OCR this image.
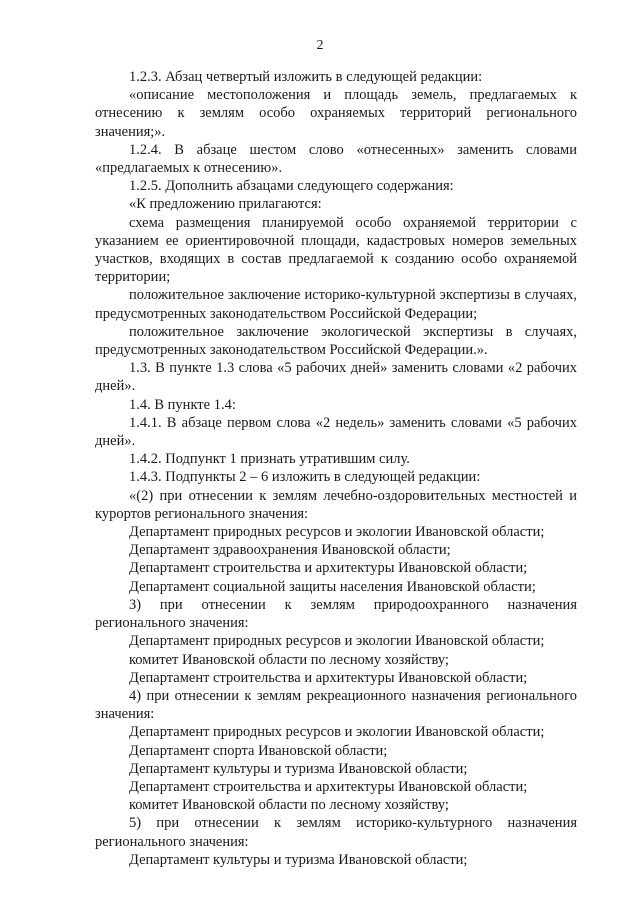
2

1.2.3. Абзац четвертый изложить в следующей редакции:

«описание местоположения и площадь земель, предлагаемых к отнесению к землям особо охраняемых территорий регионального значения;».

1.2.4. В абзаце шестом слово «отнесенных» заменить словами «предлагаемых к отнесению».

1.2.5. Дополнить абзацами следующего содержания:

«К предложению прилагаются:

схема размещения планируемой особо охраняемой территории с указанием ее ориентировочной площади, кадастровых номеров земельных участков, входящих в состав предлагаемой к созданию особо охраняемой территории;

положительное заключение историко-культурной экспертизы в случаях, предусмотренных законодательством Российской Федерации;

положительное заключение экологической экспертизы в случаях, предусмотренных законодательством Российской Федерации.».

1.3. В пункте 1.3 слова «5 рабочих дней» заменить словами «2 рабочих дней».

1.4. В пункте 1.4:

1.4.1. В абзаце первом слова «2 недель» заменить словами «5 рабочих дней».

1.4.2. Подпункт 1 признать утратившим силу.

1.4.3. Подпункты 2 – 6 изложить в следующей редакции:

«(2) при отнесении к землям лечебно-оздоровительных местностей и курортов регионального значения:

Департамент природных ресурсов и экологии Ивановской области;

Департамент здравоохранения Ивановской области;

Департамент строительства и архитектуры Ивановской области;

Департамент социальной защиты населения Ивановской области;

3) при отнесении к землям природоохранного назначения регионального значения:

Департамент природных ресурсов и экологии Ивановской области;

комитет Ивановской области по лесному хозяйству;

Департамент строительства и архитектуры Ивановской области;

4) при отнесении к землям рекреационного назначения регионального значения:

Департамент природных ресурсов и экологии Ивановской области;

Департамент спорта Ивановской области;

Департамент культуры и туризма Ивановской области;

Департамент строительства и архитектуры Ивановской области;

комитет Ивановской области по лесному хозяйству;

5) при отнесении к землям историко-культурного назначения регионального значения:

Департамент культуры и туризма Ивановской области;
